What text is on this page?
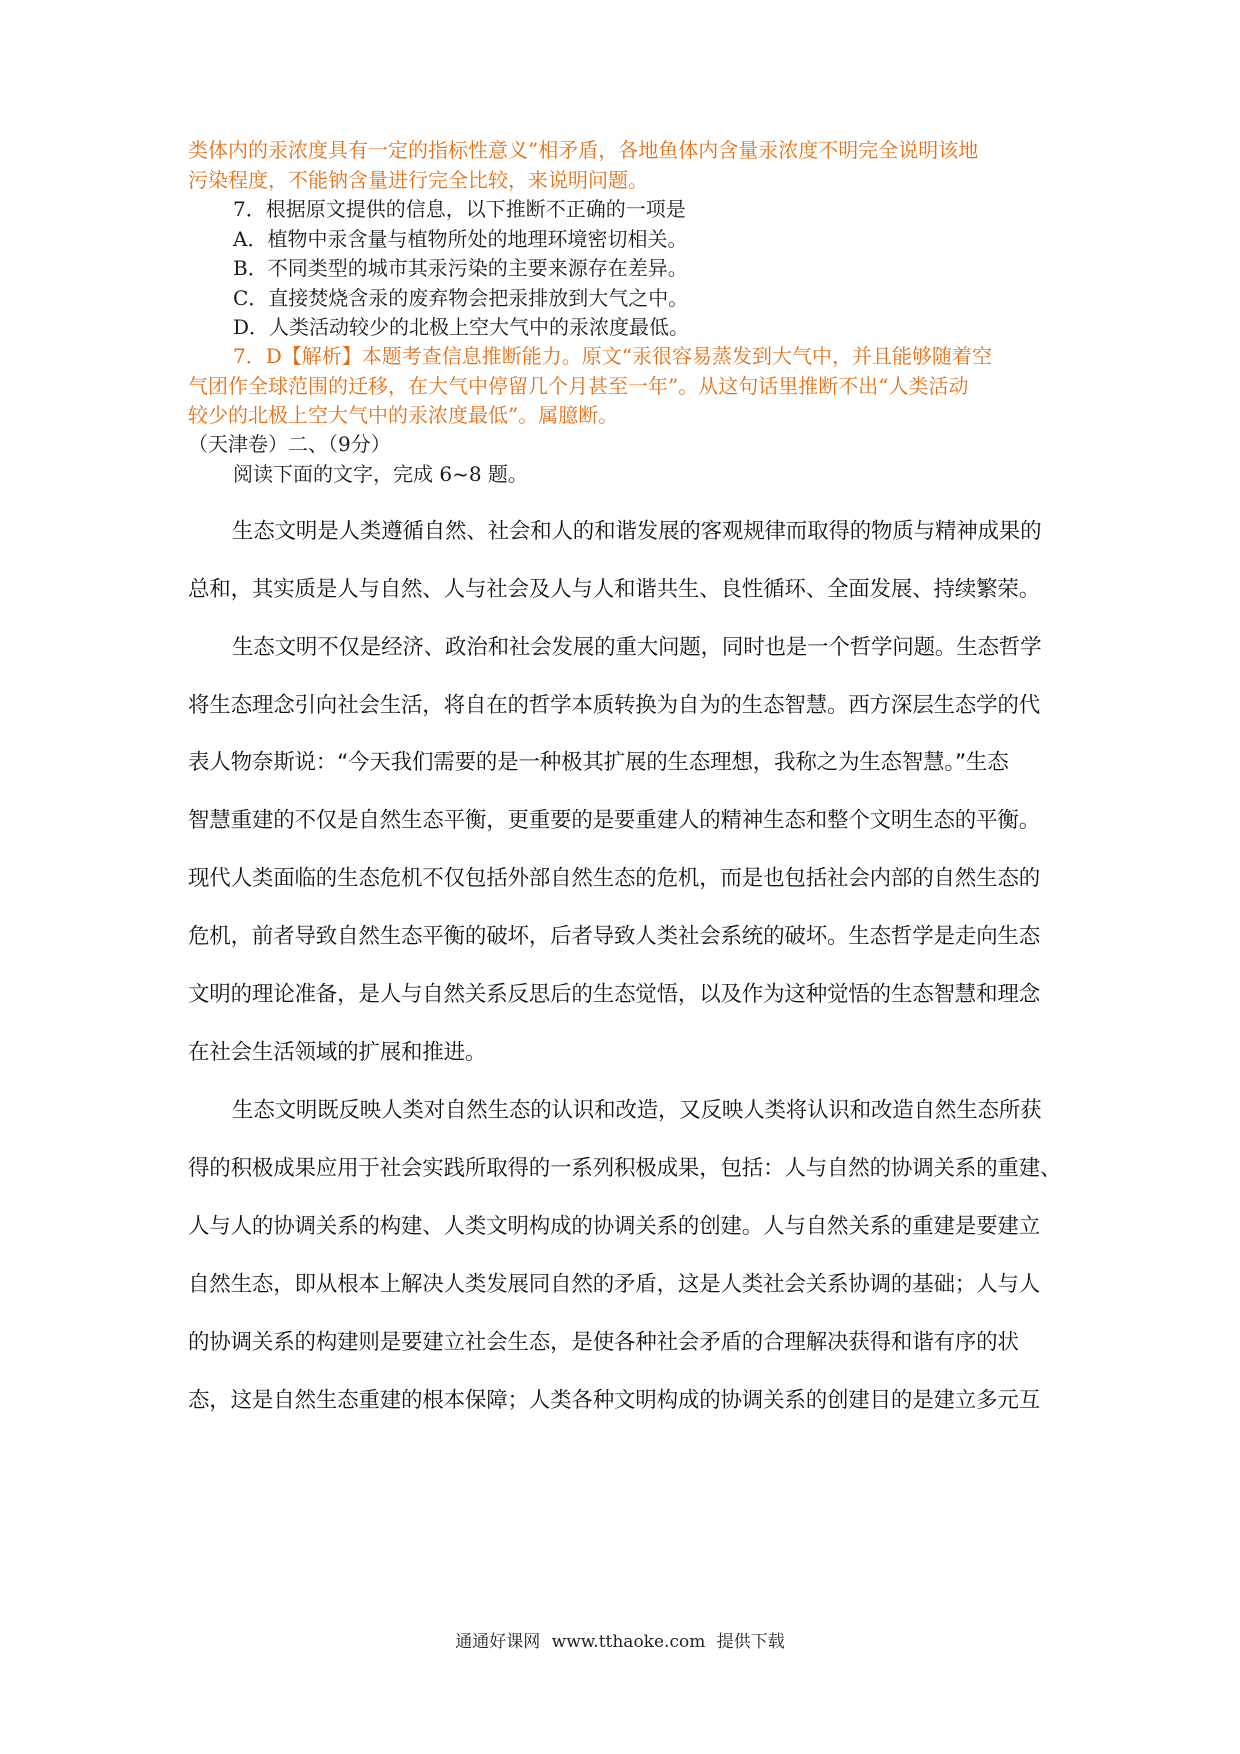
类体内的汞浓度具有一定的指标性意义”相矛盾，各地鱼体内含量汞浓度不明完全说明该地
污染程度，不能钠含量进行完全比较，来说明问题。
7．根据原文提供的信息，以下推断不正确的一项是
A．植物中汞含量与植物所处的地理环境密切相关。
B．不同类型的城市其汞污染的主要来源存在差异。
C．直接焚烧含汞的废弃物会把汞排放到大气之中。
D．人类活动较少的北极上空大气中的汞浓度最低。
7．D【解析】本题考查信息推断能力。原文“汞很容易蒸发到大气中，并且能够随着空
气团作全球范围的迁移，在大气中停留几个月甚至一年”。从这句话里推断不出“人类活动
较少的北极上空大气中的汞浓度最低”。属臆断。
（天津卷）二、（9分）
阅读下面的文字，完成 6~8 题。
生态文明是人类遵循自然、社会和人的和谐发展的客观规律而取得的物质与精神成果的
总和，其实质是人与自然、人与社会及人与人和谐共生、良性循环、全面发展、持续繁荣。
生态文明不仅是经济、政治和社会发展的重大问题，同时也是一个哲学问题。生态哲学
将生态理念引向社会生活，将自在的哲学本质转换为自为的生态智慧。西方深层生态学的代
表人物奈斯说：“今天我们需要的是一种极其扩展的生态理想，我称之为生态智慧。”生态
智慧重建的不仅是自然生态平衡，更重要的是要重建人的精神生态和整个文明生态的平衡。
现代人类面临的生态危机不仅包括外部自然生态的危机，而是也包括社会内部的自然生态的
危机，前者导致自然生态平衡的破坏，后者导致人类社会系统的破坏。生态哲学是走向生态
文明的理论准备，是人与自然关系反思后的生态觉悟，以及作为这种觉悟的生态智慧和理念
在社会生活领域的扩展和推进。
生态文明既反映人类对自然生态的认识和改造，又反映人类将认识和改造自然生态所获
得的积极成果应用于社会实践所取得的一系列积极成果，包括：人与自然的协调关系的重建、
人与人的协调关系的构建、人类文明构成的协调关系的创建。人与自然关系的重建是要建立
自然生态，即从根本上解决人类发展同自然的矛盾，这是人类社会关系协调的基础；人与人
的协调关系的构建则是要建立社会生态，是使各种社会矛盾的合理解决获得和谐有序的状
态，这是自然生态重建的根本保障；人类各种文明构成的协调关系的创建目的是建立多元互
通通好课网 www.tthaoke.com 提供下载
